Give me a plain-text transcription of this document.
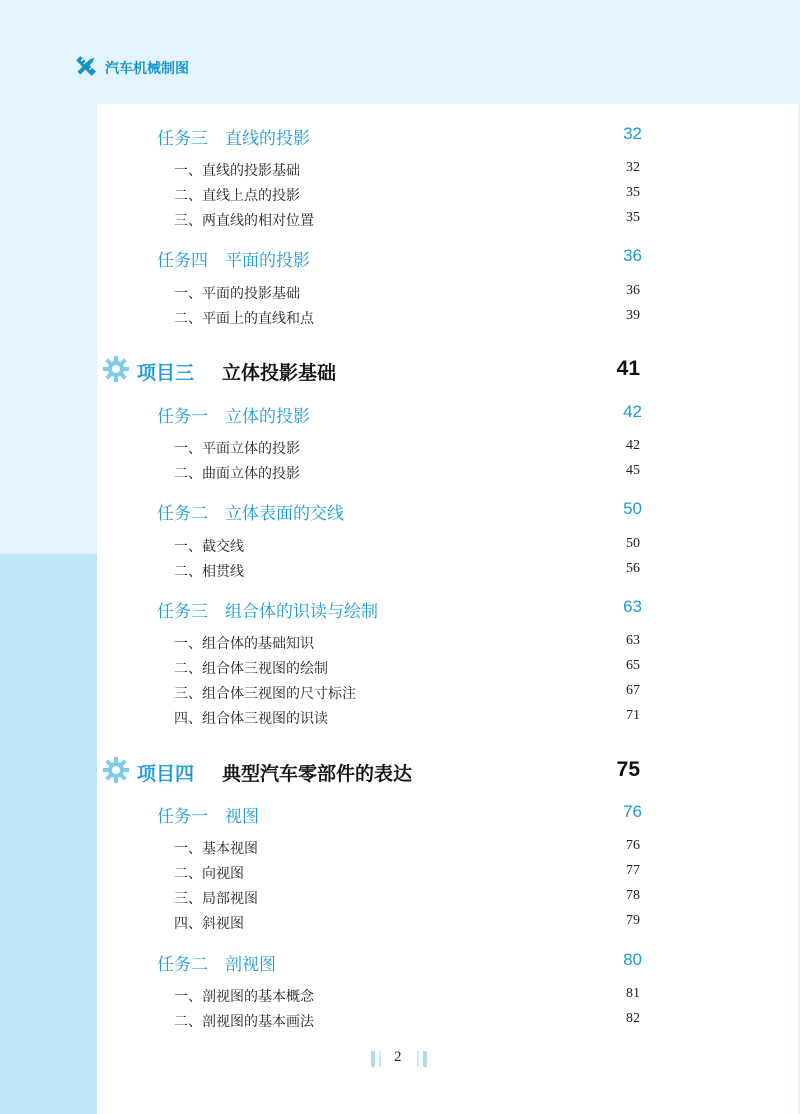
汽车机械制图
任务三　直线的投影	32
一、直线的投影基础	32
二、直线上点的投影	35
三、两直线的相对位置	35
任务四　平面的投影	36
一、平面的投影基础	36
二、平面上的直线和点	39
项目三 立体投影基础	41
任务一　立体的投影	42
一、平面立体的投影	42
二、曲面立体的投影	45
任务二　立体表面的交线	50
一、截交线	50
二、相贯线	56
任务三　组合体的识读与绘制	63
一、组合体的基础知识	63
二、组合体三视图的绘制	65
三、组合体三视图的尺寸标注	67
四、组合体三视图的识读	71
项目四 典型汽车零部件的表达	75
任务一　视图	76
一、基本视图	76
二、向视图	77
三、局部视图	78
四、斜视图	79
任务二　剖视图	80
一、剖视图的基本概念	81
二、剖视图的基本画法	82
2
